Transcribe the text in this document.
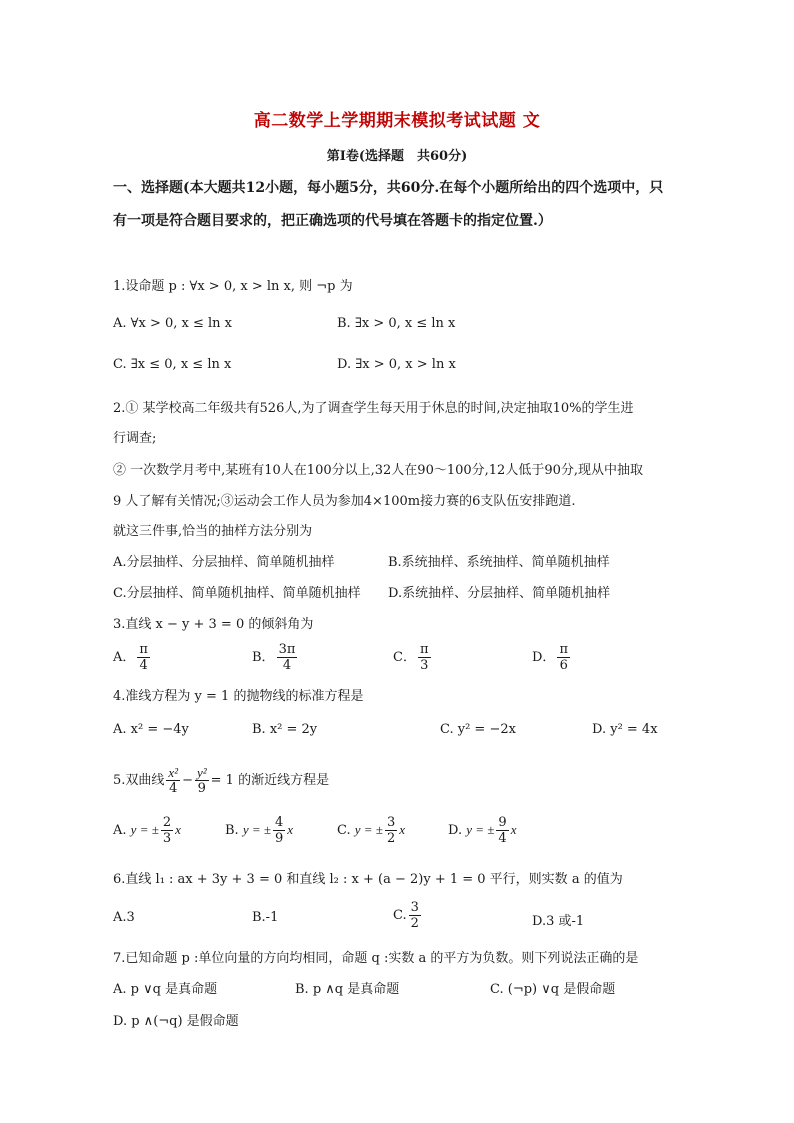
高二数学上学期期末模拟考试试题 文
第Ⅰ卷(选择题　共60分)
一、选择题(本大题共12小题，每小题5分，共60分.在每个小题所给出的四个选项中，只
有一项是符合题目要求的，把正确选项的代号填在答题卡的指定位置.）
1.设命题 p : ∀x > 0, x > ln x, 则 ¬p 为
A. ∀x > 0, x ≤ ln x	B. ∃x > 0, x ≤ ln x
C. ∃x ≤ 0, x ≤ ln x	D. ∃x > 0, x > ln x
2.① 某学校高二年级共有526人,为了调查学生每天用于休息的时间,决定抽取10%的学生进
行调查;
② 一次数学月考中,某班有10人在100分以上,32人在90～100分,12人低于90分,现从中抽取
9 人了解有关情况;③运动会工作人员为参加4×100m接力赛的6支队伍安排跑道.
就这三件事,恰当的抽样方法分别为
A.分层抽样、分层抽样、简单随机抽样	B.系统抽样、系统抽样、简单随机抽样
C.分层抽样、简单随机抽样、简单随机抽样 D.系统抽样、分层抽样、简单随机抽样
3.直线 x − y + 3 = 0 的倾斜角为
A． $\frac{\pi}{4}$	B． $\frac{3\pi}{4}$	C． $\frac{\pi}{3}$	D． $\frac{\pi}{6}$
4.准线方程为 y = 1 的抛物线的标准方程是
A. x² = −4y	B. x² = 2y	C. y² = −2x	D. y² = 4x
5.双曲线 $\frac{\text{x²}}{4} - \frac{\text{y²}}{9} = 1$ 的渐近线方程是
A. y = ± $\frac{2}{3}$ x	B. y = ± $\frac{4}{9}$ x	C. y = ± $\frac{3}{2}$ x	D. y = ± $\frac{9}{4}$ x
6.直线 l₁ : ax + 3y + 3 = 0 和直线 l₂ : x + (a − 2)y + 1 = 0 平行，则实数 a 的值为
A.3	B.-1	C. $\frac{3}{2}$	D.3 或-1
7.已知命题 p :单位向量的方向均相同，命题 q :实数 a 的平方为负数。则下列说法正确的是
A. p ∨q 是真命题	B. p ∧q 是真命题	C. (¬p) ∨q 是假命题
D. p ∧(¬q) 是假命题
